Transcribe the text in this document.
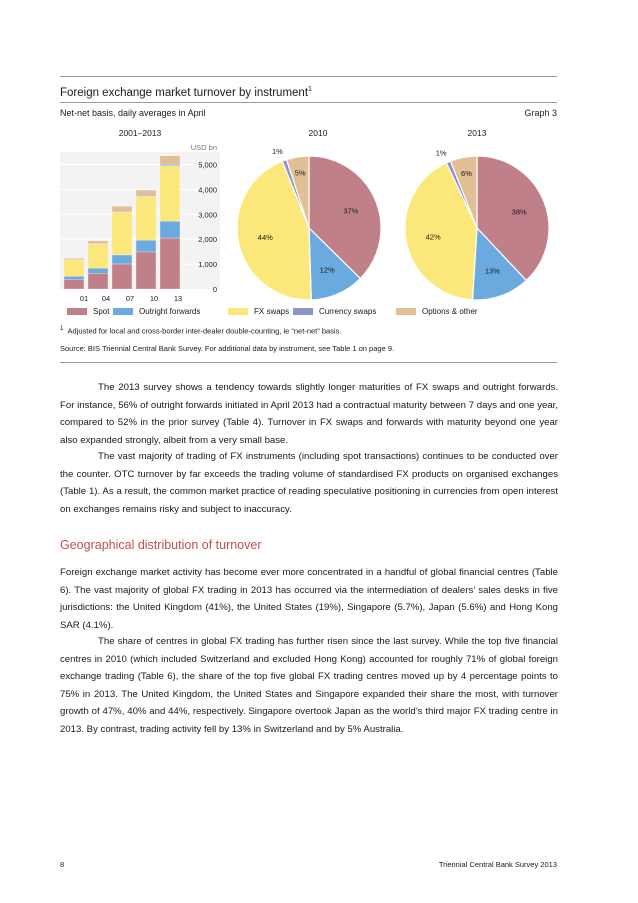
Foreign exchange market turnover by instrument$^1$
Net-net basis, daily averages in April	Graph 3
2001–2013	2010	2013
0
1,000
2,000
3,000
4,000
5,000
USD bn
01 04 07 10 13
37%
12%
44%
1%
5%
38%
13%
42%
1%
6%
Spot	Outright forwards	FX swaps	Currency swaps	Options & other
$^1$ Adjusted for local and cross-border inter-dealer double-counting, ie “net-net” basis.
Source: BIS Triennial Central Bank Survey. For additional data by instrument, see Table 1 on page 9.
The 2013 survey shows a tendency towards slightly longer maturities of FX swaps and outright forwards. For instance, 56% of outright forwards initiated in April 2013 had a contractual maturity between 7 days and one year, compared to 52% in the prior survey (Table 4). Turnover in FX swaps and forwards with maturity beyond one year also expanded strongly, albeit from a very small base.
The vast majority of trading of FX instruments (including spot transactions) continues to be conducted over the counter. OTC turnover by far exceeds the trading volume of standardised FX products on organised exchanges (Table 1). As a result, the common market practice of reading speculative positioning in currencies from open interest on exchanges remains risky and subject to inaccuracy.
Geographical distribution of turnover
Foreign exchange market activity has become ever more concentrated in a handful of global financial centres (Table 6). The vast majority of global FX trading in 2013 has occurred via the intermediation of dealers’ sales desks in five jurisdictions: the United Kingdom (41%), the United States (19%), Singapore (5.7%), Japan (5.6%) and Hong Kong SAR (4.1%).
The share of centres in global FX trading has further risen since the last survey. While the top five financial centres in 2010 (which included Switzerland and excluded Hong Kong) accounted for roughly 71% of global foreign exchange trading (Table 6), the share of the top five global FX trading centres moved up by 4 percentage points to 75% in 2013. The United Kingdom, the United States and Singapore expanded their share the most, with turnover growth of 47%, 40% and 44%, respectively. Singapore overtook Japan as the world’s third major FX trading centre in 2013. By contrast, trading activity fell by 13% in Switzerland and by 5% Australia.
8	Triennial Central Bank Survey 2013
